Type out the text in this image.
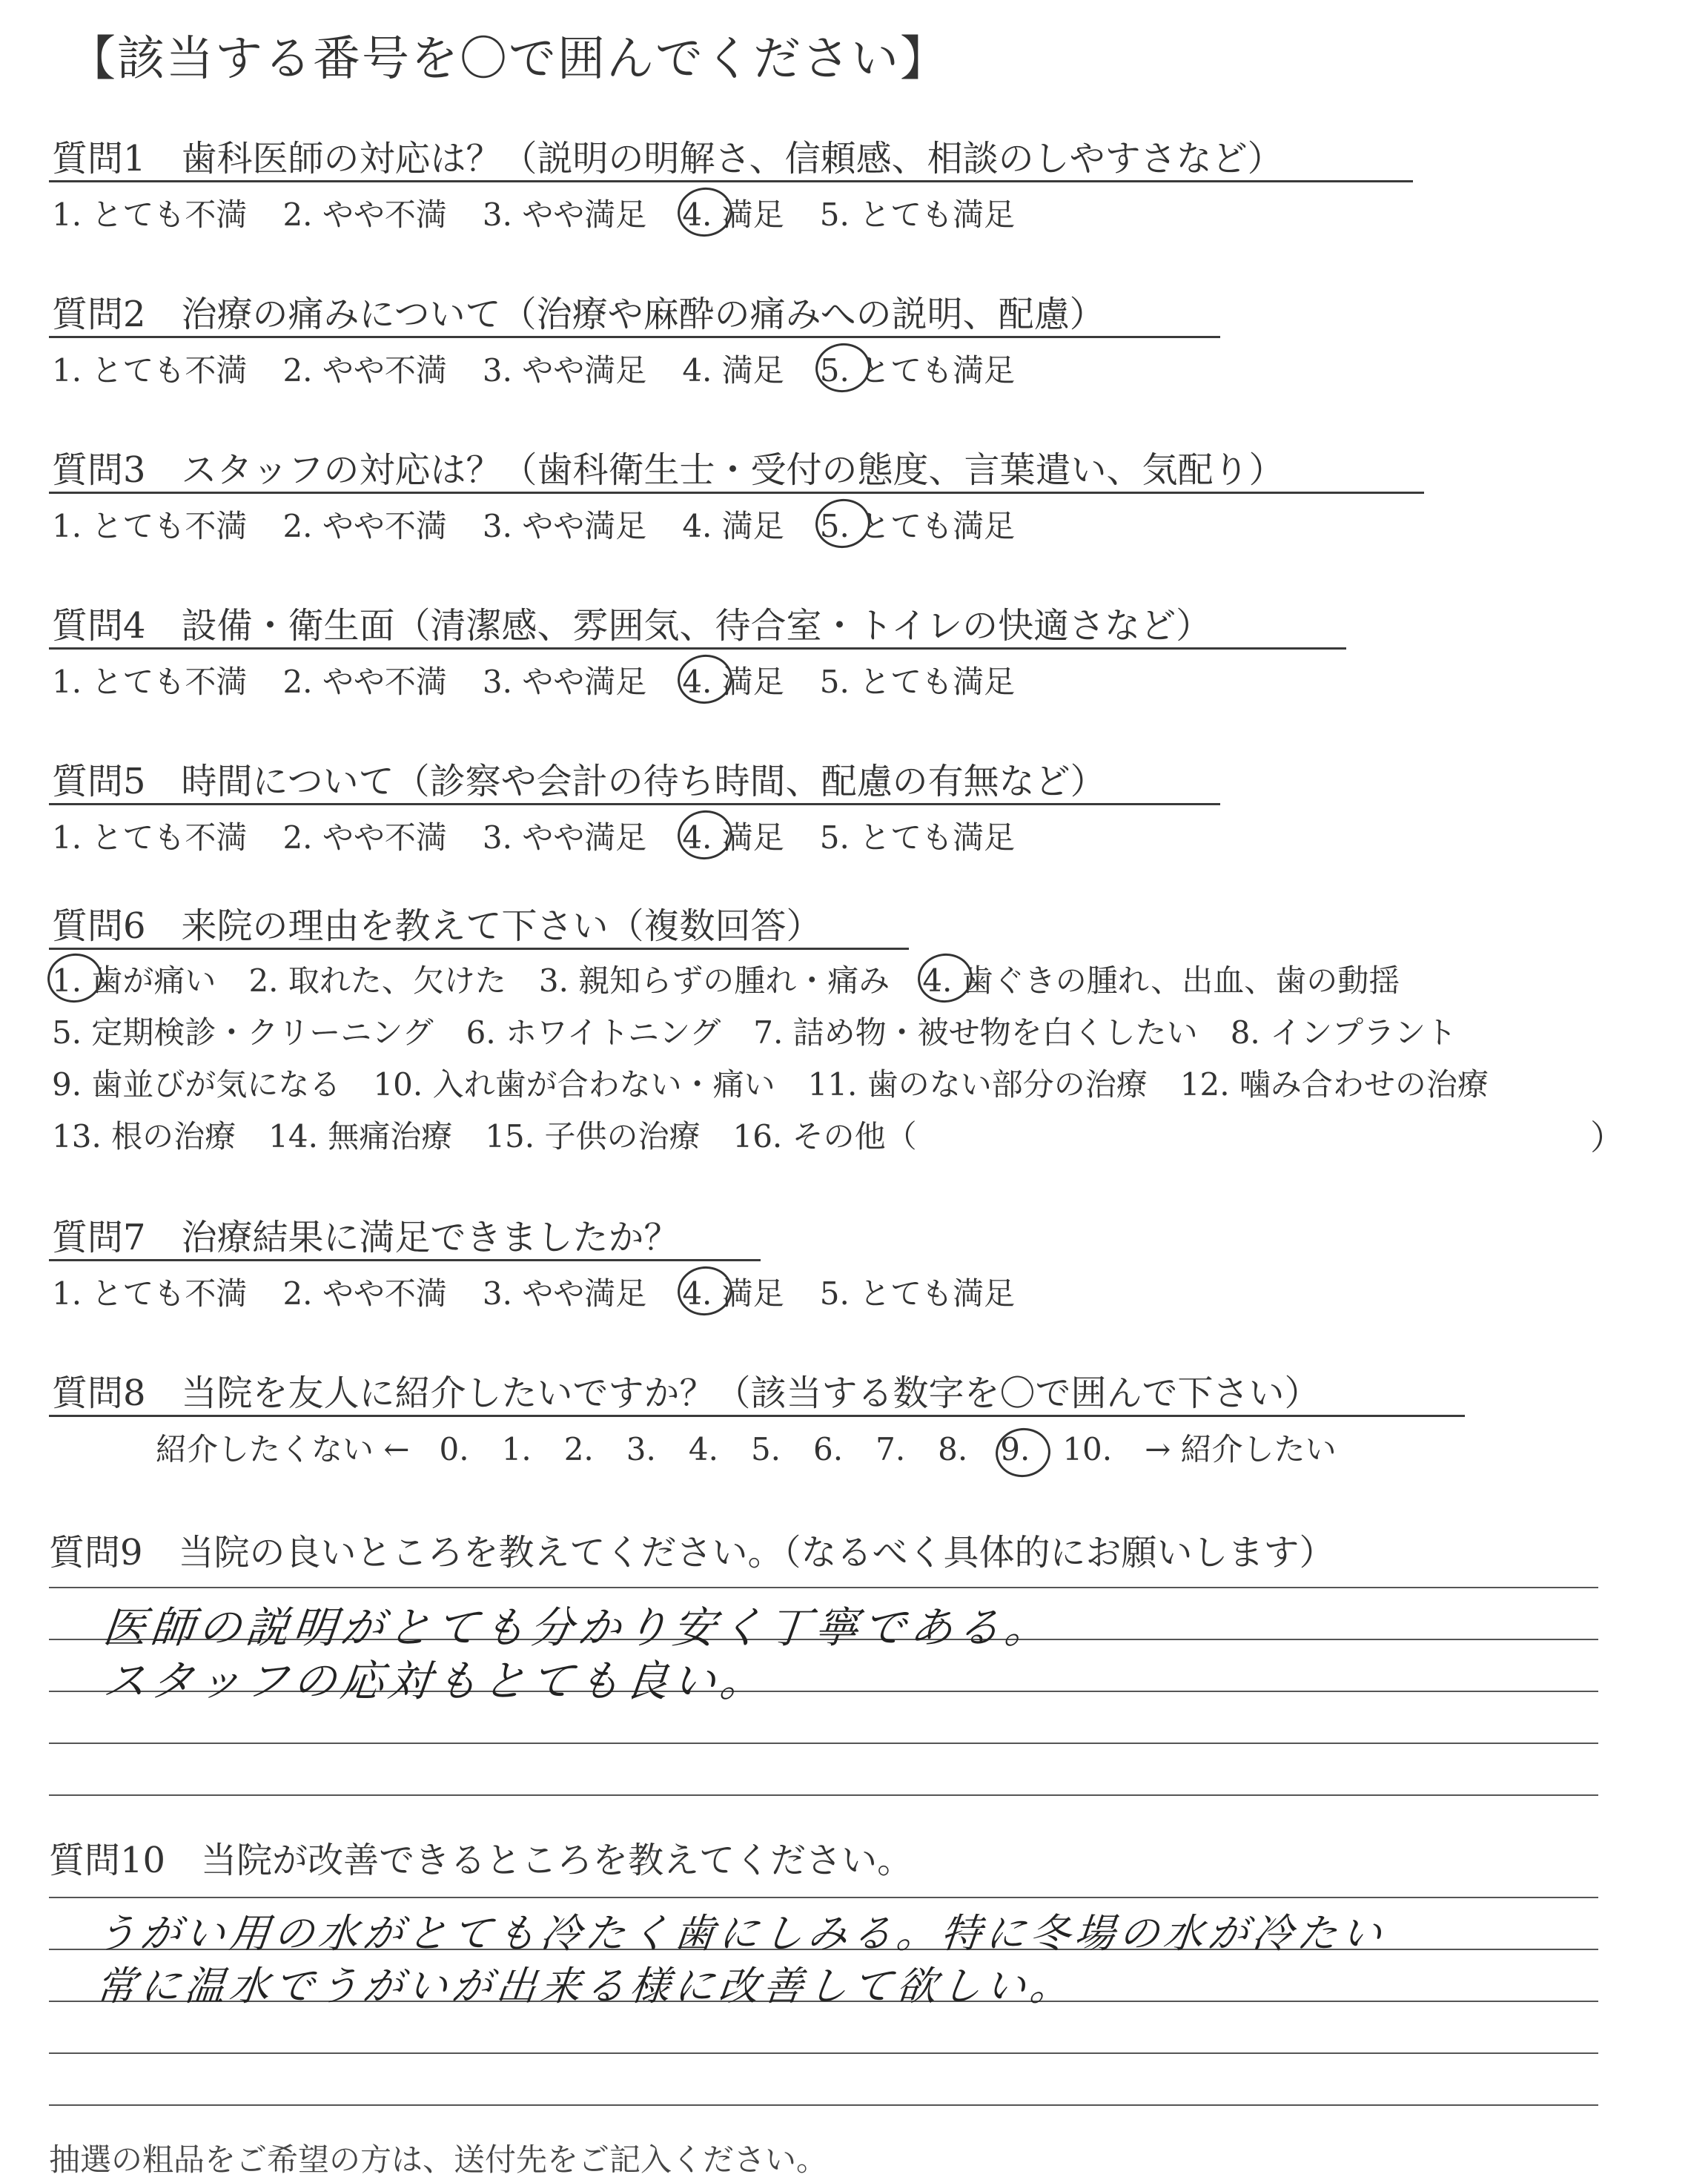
【該当する番号を〇で囲んでください】
質問1　歯科医師の対応は？（説明の明解さ、信頼感、相談のしやすさなど）
1. とても不満 2. やや不満 3. やや満足 4. 満足 5. とても満足
質問2　治療の痛みについて（治療や麻酔の痛みへの説明、配慮）
1. とても不満 2. やや不満 3. やや満足 4. 満足 5. とても満足
質問3　スタッフの対応は？（歯科衛生士・受付の態度、言葉遣い、気配り）
1. とても不満 2. やや不満 3. やや満足 4. 満足 5. とても満足
質問4　設備・衛生面（清潔感、雰囲気、待合室・トイレの快適さなど）
1. とても不満 2. やや不満 3. やや満足 4. 満足 5. とても満足
質問5　時間について（診察や会計の待ち時間、配慮の有無など）
1. とても不満 2. やや不満 3. やや満足 4. 満足 5. とても満足
質問6　来院の理由を教えて下さい（複数回答）
1. 歯が痛い 2. 取れた、欠けた 3. 親知らずの腫れ・痛み 4. 歯ぐきの腫れ、出血、歯の動揺
5. 定期検診・クリーニング 6. ホワイトニング 7. 詰め物・被せ物を白くしたい 8. インプラント
9. 歯並びが気になる 10. 入れ歯が合わない・痛い 11. 歯のない部分の治療 12. 噛み合わせの治療
13. 根の治療 14. 無痛治療 15. 子供の治療 16. その他（	）
質問7　治療結果に満足できましたか？
1. とても不満 2. やや不満 3. やや満足 4. 満足 5. とても満足
質問8　当院を友人に紹介したいですか？（該当する数字を〇で囲んで下さい）
紹介したくない ← 0. 1. 2. 3. 4. 5. 6. 7. 8. 9. 10. → 紹介したい
質問9　当院の良いところを教えてください。（なるべく具体的にお願いします）
医師の説明がとても分かり安く丁寧である。
スタッフの応対もとても良い。
質問10　当院が改善できるところを教えてください。
うがい用の水がとても冷たく歯にしみる。特に冬場の水が冷たい
常に温水でうがいが出来る様に改善して欲しい。
抽選の粗品をご希望の方は、送付先をご記入ください。
